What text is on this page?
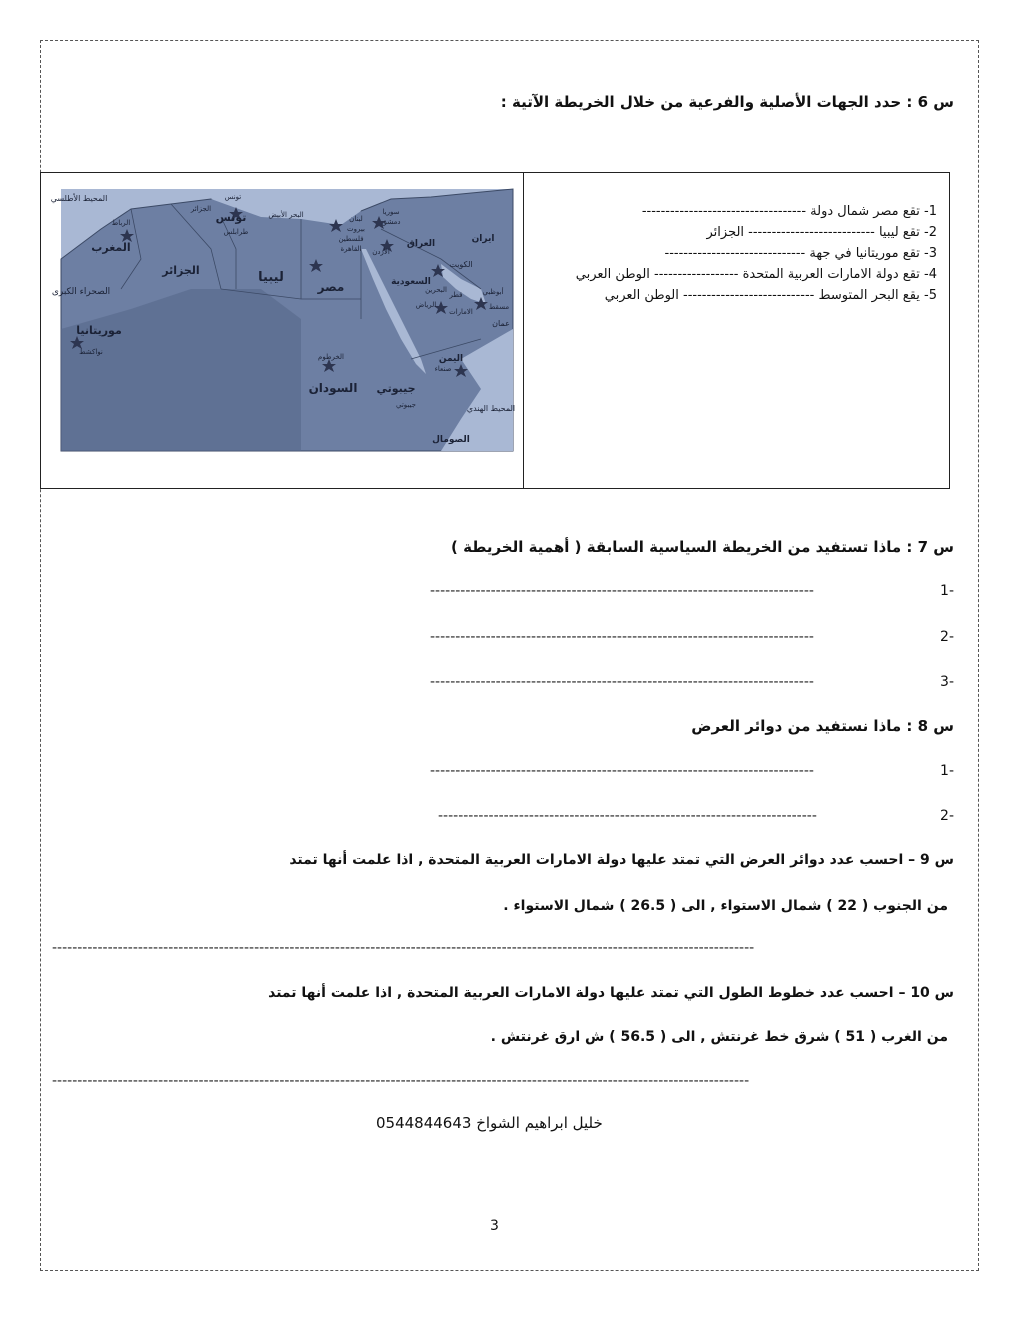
س 6 : حدد الجهات الأصلية والفرعية من خلال الخريطة الآتية :
1- تقع مصر شمال دولة -----------------------------------
2- تقع ليبيا --------------------------- الجزائر
3- تقع موريتانيا في جهة ------------------------------
4- تقع دولة الامارات العربية المتحدة ------------------ الوطن العربي
5- يقع البحر المتوسط ---------------------------- الوطن العربي
المحيط الأطلسي
المغرب
الرباط
الجزائر
تونس
تونس
طرابلس
الجزائر	ليبيا
مصر
القاهرة
الصحراء الكبرى
موريتانيا
نواكشط
السودان
الخرطوم
السعودية
الرياض
العراق	ايران
الكويت
الأردن
سوريا
دمشق
لبنان
بيروت
فلسطين
البحرين
قطر
الامارات
أبوظبي
عمان
مسقط
اليمن
صنعاء
جيبوتي
جيبوتي
الصومال
المحيط الهندي
البحر الأبيض
س 7 : ماذا تستفيد من الخريطة السياسية السابقة ( أهمية الخريطة )
-1
----------------------------------------------------------------------------
-2
----------------------------------------------------------------------------
-3
----------------------------------------------------------------------------
س 8 : ماذا نستفيد من دوائر العرض
-1
----------------------------------------------------------------------------
-2
---------------------------------------------------------------------------
س 9 – احسب عدد دوائر العرض التي تمتد عليها دولة الامارات العربية المتحدة , اذا علمت أنها تمتد
من الجنوب ( 22 ) شمال الاستواء , الى ( 26.5 ) شمال الاستواء .
-------------------------------------------------------------------------------------------------------------------------------------------
س 10 – احسب عدد خطوط الطول التي تمتد عليها دولة الامارات العربية المتحدة , اذا علمت أنها تمتد
من الغرب ( 51 ) شرق خط غرنتش , الى ( 56.5 ) ش ارق غرنتش .
------------------------------------------------------------------------------------------------------------------------------------------
خليل ابراهيم الشواخ 0544844643
3
